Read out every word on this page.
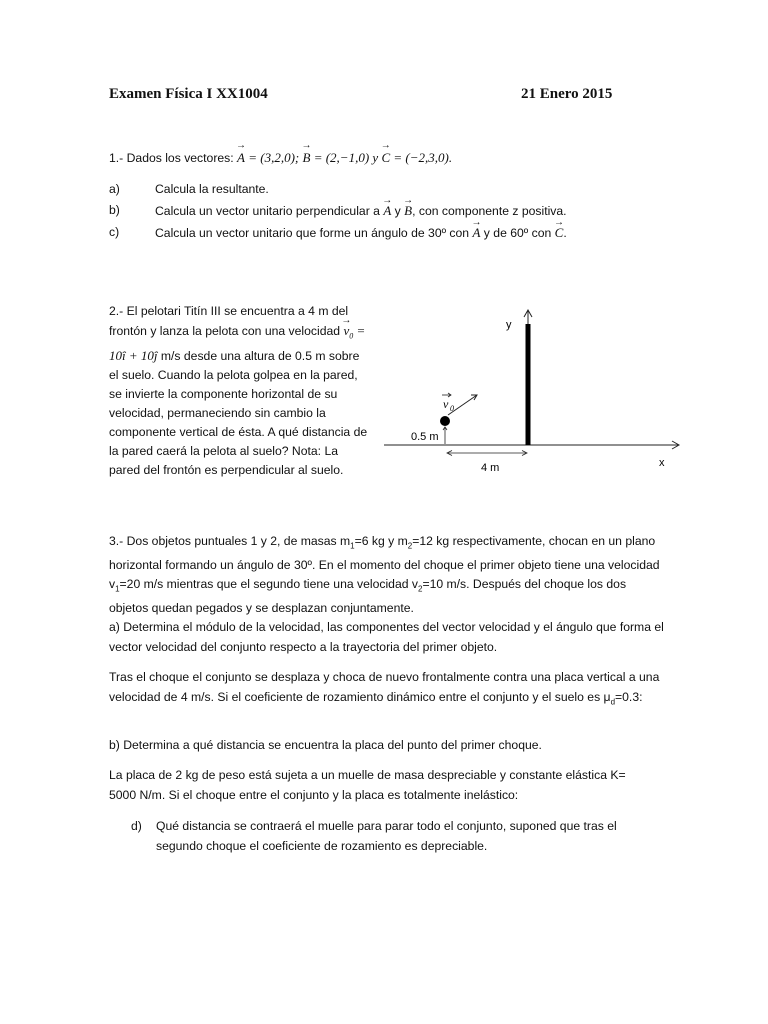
Examen Física I XX1004	21 Enero 2015
1.- Dados los vectores: → A = (3,2,0); → B = (2,−1,0) y → C = (−2,3,0).
a)	Calcula la resultante.
b)	Calcula un vector unitario perpendicular a → A y → B, con componente z positiva.
c)	Calcula un vector unitario que forme un ángulo de 30º con → A y de 60º con → C.
2.- El pelotari Titín III se encuentra a 4 m del frontón y lanza la pelota con una velocidad → $v_0$ = 10î + 10ĵ m/s desde una altura de 0.5 m sobre el suelo. Cuando la pelota golpea en la pared, se invierte la componente horizontal de su velocidad, permaneciendo sin cambio la componente vertical de ésta. A qué distancia de la pared caerá la pelota al suelo? Nota: La pared del frontón es perpendicular al suelo.
y
x
v 0
0.5 m
4 m
3.- Dos objetos puntuales 1 y 2, de masas $m_1=6$ kg y $m_2=12$ kg respectivamente, chocan en un plano horizontal formando un ángulo de 30º. En el momento del choque el primer objeto tiene una velocidad $v_1=20$ m/s mientras que el segundo tiene una velocidad $v_2=10$ m/s. Después del choque los dos objetos quedan pegados y se desplazan conjuntamente.
a) Determina el módulo de la velocidad, las componentes del vector velocidad y el ángulo que forma el vector velocidad del conjunto respecto a la trayectoria del primer objeto.
Tras el choque el conjunto se desplaza y choca de nuevo frontalmente contra una placa vertical a una velocidad de 4 m/s. Si el coeficiente de rozamiento dinámico entre el conjunto y el suelo es $\mu_d=0.3$:
b) Determina a qué distancia se encuentra la placa del punto del primer choque.
La placa de 2 kg de peso está sujeta a un muelle de masa despreciable y constante elástica K= 5000 N/m. Si el choque entre el conjunto y la placa es totalmente inelástico:
d)	Qué distancia se contraerá el muelle para parar todo el conjunto, suponed que tras el segundo choque el coeficiente de rozamiento es depreciable.
